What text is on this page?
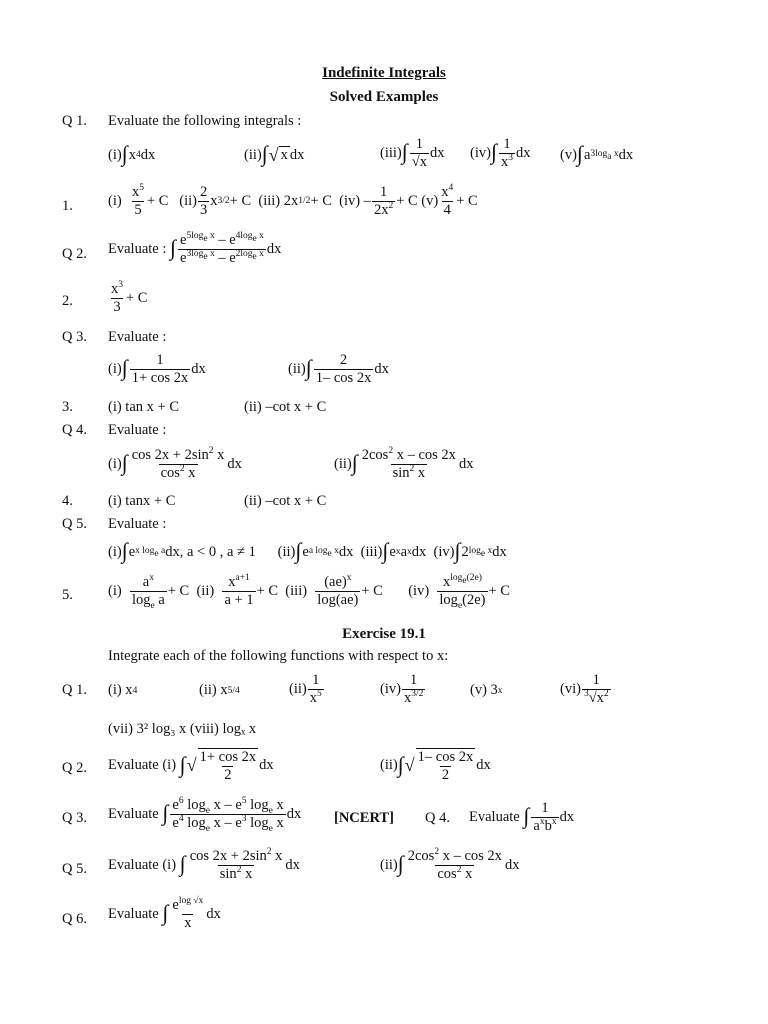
Indefinite Integrals
Solved Examples
Q 1. Evaluate the following integrals :
(i) ∫ x 4 dx	(ii) ∫ √ x dx	(iii) ∫ $\frac{1}{√x}$ dx (iv) ∫ $\frac{1}{x^3}$ dx (v) ∫ a $3\log_a$ x dx
1. $(i) \frac{x^5}{5} + C$   $(ii) \frac{2}{3}$ x 3/2 + C  (iii) 2x 1/2 + C  $(iv) - \frac{1}{2x^2} + C$ $(v) \frac{x^4}{4} + C$
Q 2. Evaluate :
∫ $\frac{e^{5log_e x} - e^{4log_e x}}{e^{3log_e x} - e^{2log_e x}}$ dx
2. $\frac{x^3}{3} + C$
Q 3. Evaluate :
(i) ∫ $\frac{1}{1+ \cos 2x}$ dx	(ii) ∫ $\frac{2}{1- \cos 2x}$ dx
3. (i) tan x + C	(ii) –cot x + C
Q 4. Evaluate :
(i) ∫ $\frac{\cos 2x + 2\sin^2 x}{\cos^2 x}$ dx	(ii) ∫ $\frac{2\cos^2 x - \cos 2x}{\sin^2 x}$ dx
4. (i) tanx + C	(ii) –cot x + C
Q 5. Evaluate :
(i) ∫ e x $\log_e a$ dx, a < 0 , a ≠ 1      (ii) ∫ e a $\log_e x$ dx  (iii) ∫ e x a x dx  (iv) ∫ 2 $\log_e x$ dx
5. $(i) \frac{a^x}{\log_e a} + C$  $(ii) \frac{x^{a+1}}{a + 1} + C$  $(iii) \frac{(ae)^x}{\log(ae)} + C$       $(iv) \frac{x^{log_e(2e)}}{\log_e(2e)} + C$
Exercise 19.1
Integrate each of the following functions with respect to x:
Q 1. (i) x 4	(ii) x 5/4	$(ii) \frac{1}{x^5}$	$(iv) \frac{1}{x^{3/2}}$	(v) 3 x	$(vi) \frac{1}{^3√x^2}$
(vii) 3² log₃ x (viii) logₓ x
Q 2. Evaluate (i)
∫ √ $\frac{1+ \cos 2x}{2}$ dx	(ii) ∫ √ $\frac{1- \cos 2x}{2}$ dx
Q 3. Evaluate
∫ $\frac{e^6 \log_e x - e^5 \log_e x}{e^4 \log_e x - e^3 \log_e x}$ dx [NCERT] Q 4. Evaluate
∫ $\frac{1}{a^xb^x}$ dx
Q 5. Evaluate (i)
∫ $\frac{\cos 2x + 2\sin^2 x}{\sin^2 x}$ dx	(ii) ∫ $\frac{2\cos^2 x - \cos 2x}{\cos^2 x}$ dx
Q 6. Evaluate
∫ $\frac{e^{log √x}}{x}$ dx
